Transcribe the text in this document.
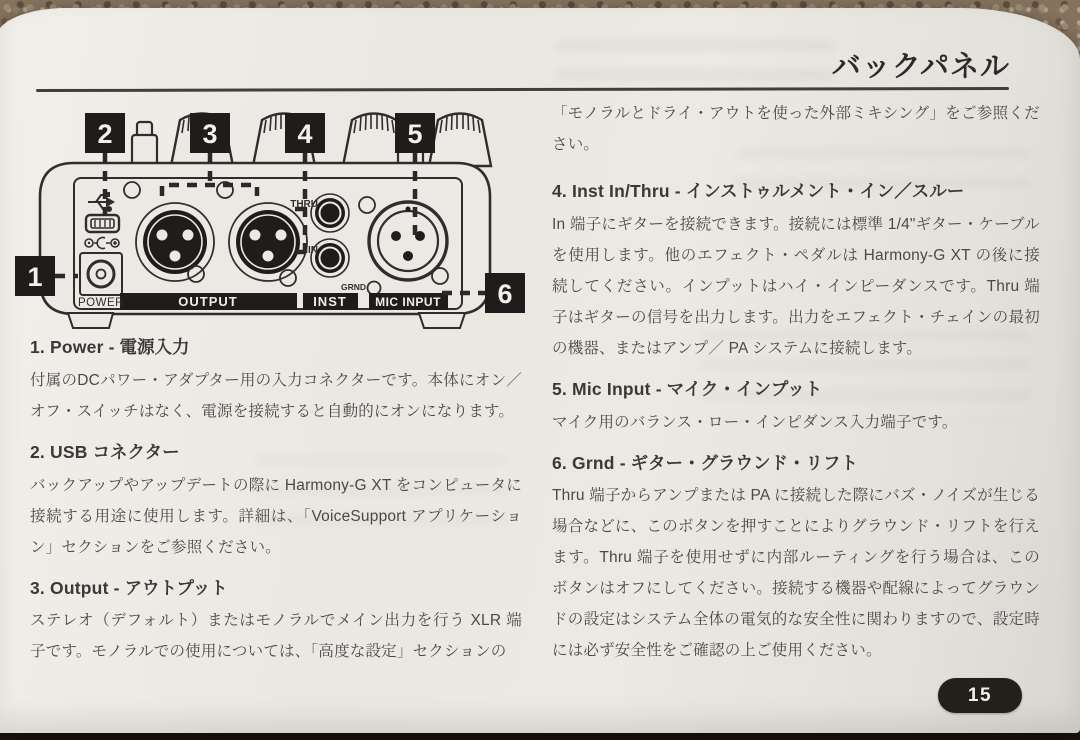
バックパネル
OUTPUT	INST MIC INPUT
POWER
THRU
IN
GRND
1
2	3	4	5
6
1. Power - 電源入力

付属のDCパワー・アダプター用の入力コネクターです。本体にオン／オフ・スイッチはなく、電源を接続すると自動的にオンになります。

2. USB コネクター

バックアップやアップデートの際に Harmony-G XT をコンピュータに接続する用途に使用します。詳細は、「VoiceSupport アプリケーション」セクションをご参照ください。

3. Output - アウトプット

ステレオ（デフォルト）またはモノラルでメイン出力を行う XLR 端子です。モノラルでの使用については、「高度な設定」セクションの

「モノラルとドライ・アウトを使った外部ミキシング」をご参照ください。

4. Inst In/Thru - インストゥルメント・イン／スルー

In 端子にギターを接続できます。接続には標準 1/4"ギター・ケーブルを使用します。他のエフェクト・ペダルは Harmony-G XT の後に接続してください。インプットはハイ・インピーダンスです。Thru 端子はギターの信号を出力します。出力をエフェクト・チェインの最初の機器、またはアンプ／ PA システムに接続します。

5. Mic Input - マイク・インプット

マイク用のバランス・ロー・インピダンス入力端子です。

6. Grnd - ギター・グラウンド・リフト

Thru 端子からアンプまたは PA に接続した際にバズ・ノイズが生じる場合などに、このボタンを押すことによりグラウンド・リフトを行えます。Thru 端子を使用せずに内部ルーティングを行う場合は、このボタンはオフにしてください。接続する機器や配線によってグラウンドの設定はシステム全体の電気的な安全性に関わりますので、設定時には必ず安全性をご確認の上ご使用ください。

15
